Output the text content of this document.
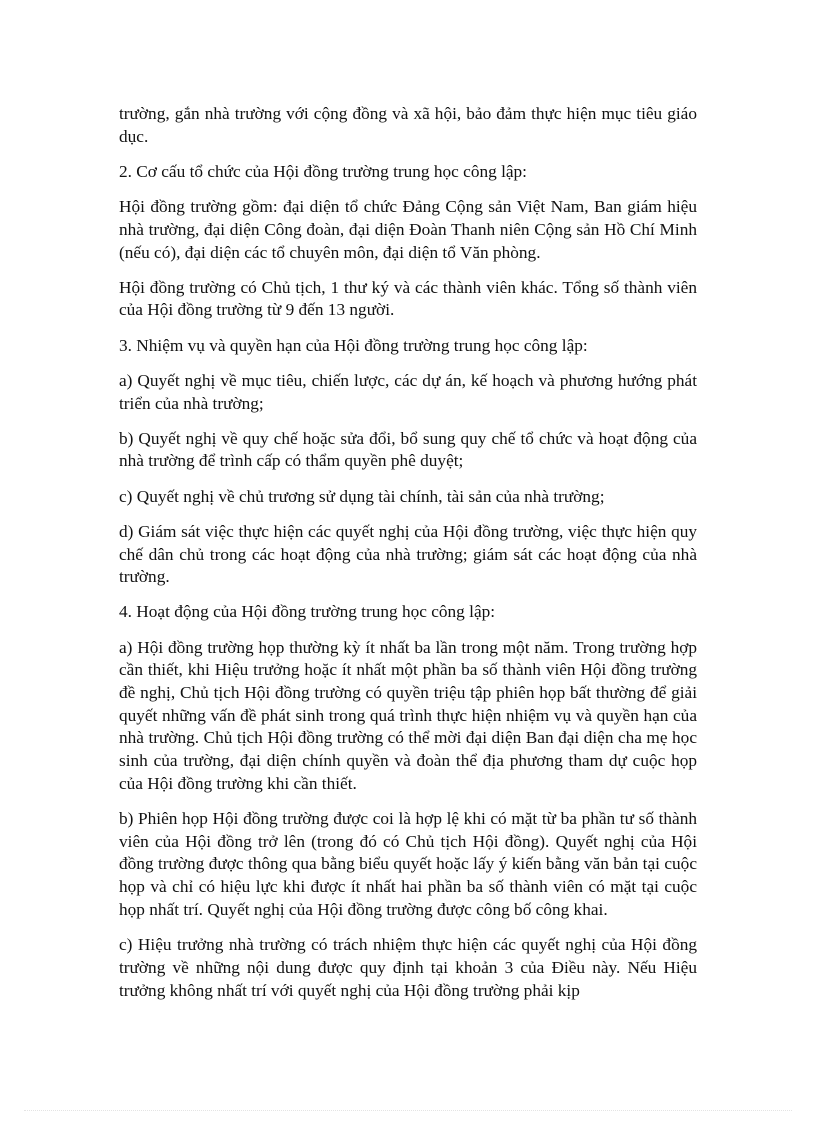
trường, gắn nhà trường với cộng đồng và xã hội, bảo đảm thực hiện mục tiêu giáo dục.

2. Cơ cấu tổ chức của Hội đồng trường trung học công lập:

Hội đồng trường gồm: đại diện tổ chức Đảng Cộng sản Việt Nam, Ban giám hiệu nhà trường, đại diện Công đoàn, đại diện Đoàn Thanh niên Cộng sản Hồ Chí Minh (nếu có), đại diện các tổ chuyên môn, đại diện tổ Văn phòng.

Hội đồng trường có Chủ tịch, 1 thư ký và các thành viên khác. Tổng số thành viên của Hội đồng trường từ 9 đến 13 người.

3. Nhiệm vụ và quyền hạn của Hội đồng trường trung học công lập:

a) Quyết nghị về mục tiêu, chiến lược, các dự án, kế hoạch và phương hướng phát triển của nhà trường;

b) Quyết nghị về quy chế hoặc sửa đổi, bổ sung quy chế tổ chức và hoạt động của nhà trường để trình cấp có thẩm quyền phê duyệt;

c) Quyết nghị về chủ trương sử dụng tài chính, tài sản của nhà trường;

d) Giám sát việc thực hiện các quyết nghị của Hội đồng trường, việc thực hiện quy chế dân chủ trong các hoạt động của nhà trường; giám sát các hoạt động của nhà trường.

4. Hoạt động của Hội đồng trường trung học công lập:

a) Hội đồng trường họp thường kỳ ít nhất ba lần trong một năm. Trong trường hợp cần thiết, khi Hiệu trưởng hoặc ít nhất một phần ba số thành viên Hội đồng trường đề nghị, Chủ tịch Hội đồng trường có quyền triệu tập phiên họp bất thường để giải quyết những vấn đề phát sinh trong quá trình thực hiện nhiệm vụ và quyền hạn của nhà trường. Chủ tịch Hội đồng trường có thể mời đại diện Ban đại diện cha mẹ học sinh của trường, đại diện chính quyền và đoàn thể địa phương tham dự cuộc họp của Hội đồng trường khi cần thiết.

b) Phiên họp Hội đồng trường được coi là hợp lệ khi có mặt từ ba phần tư số thành viên của Hội đồng trở lên (trong đó có Chủ tịch Hội đồng). Quyết nghị của Hội đồng trường được thông qua bằng biểu quyết hoặc lấy ý kiến bằng văn bản tại cuộc họp và chỉ có hiệu lực khi được ít nhất hai phần ba số thành viên có mặt tại cuộc họp nhất trí. Quyết nghị của Hội đồng trường được công bố công khai.

c) Hiệu trưởng nhà trường có trách nhiệm thực hiện các quyết nghị của Hội đồng trường về những nội dung được quy định tại khoản 3 của Điều này. Nếu Hiệu trưởng không nhất trí với quyết nghị của Hội đồng trường phải kịp
